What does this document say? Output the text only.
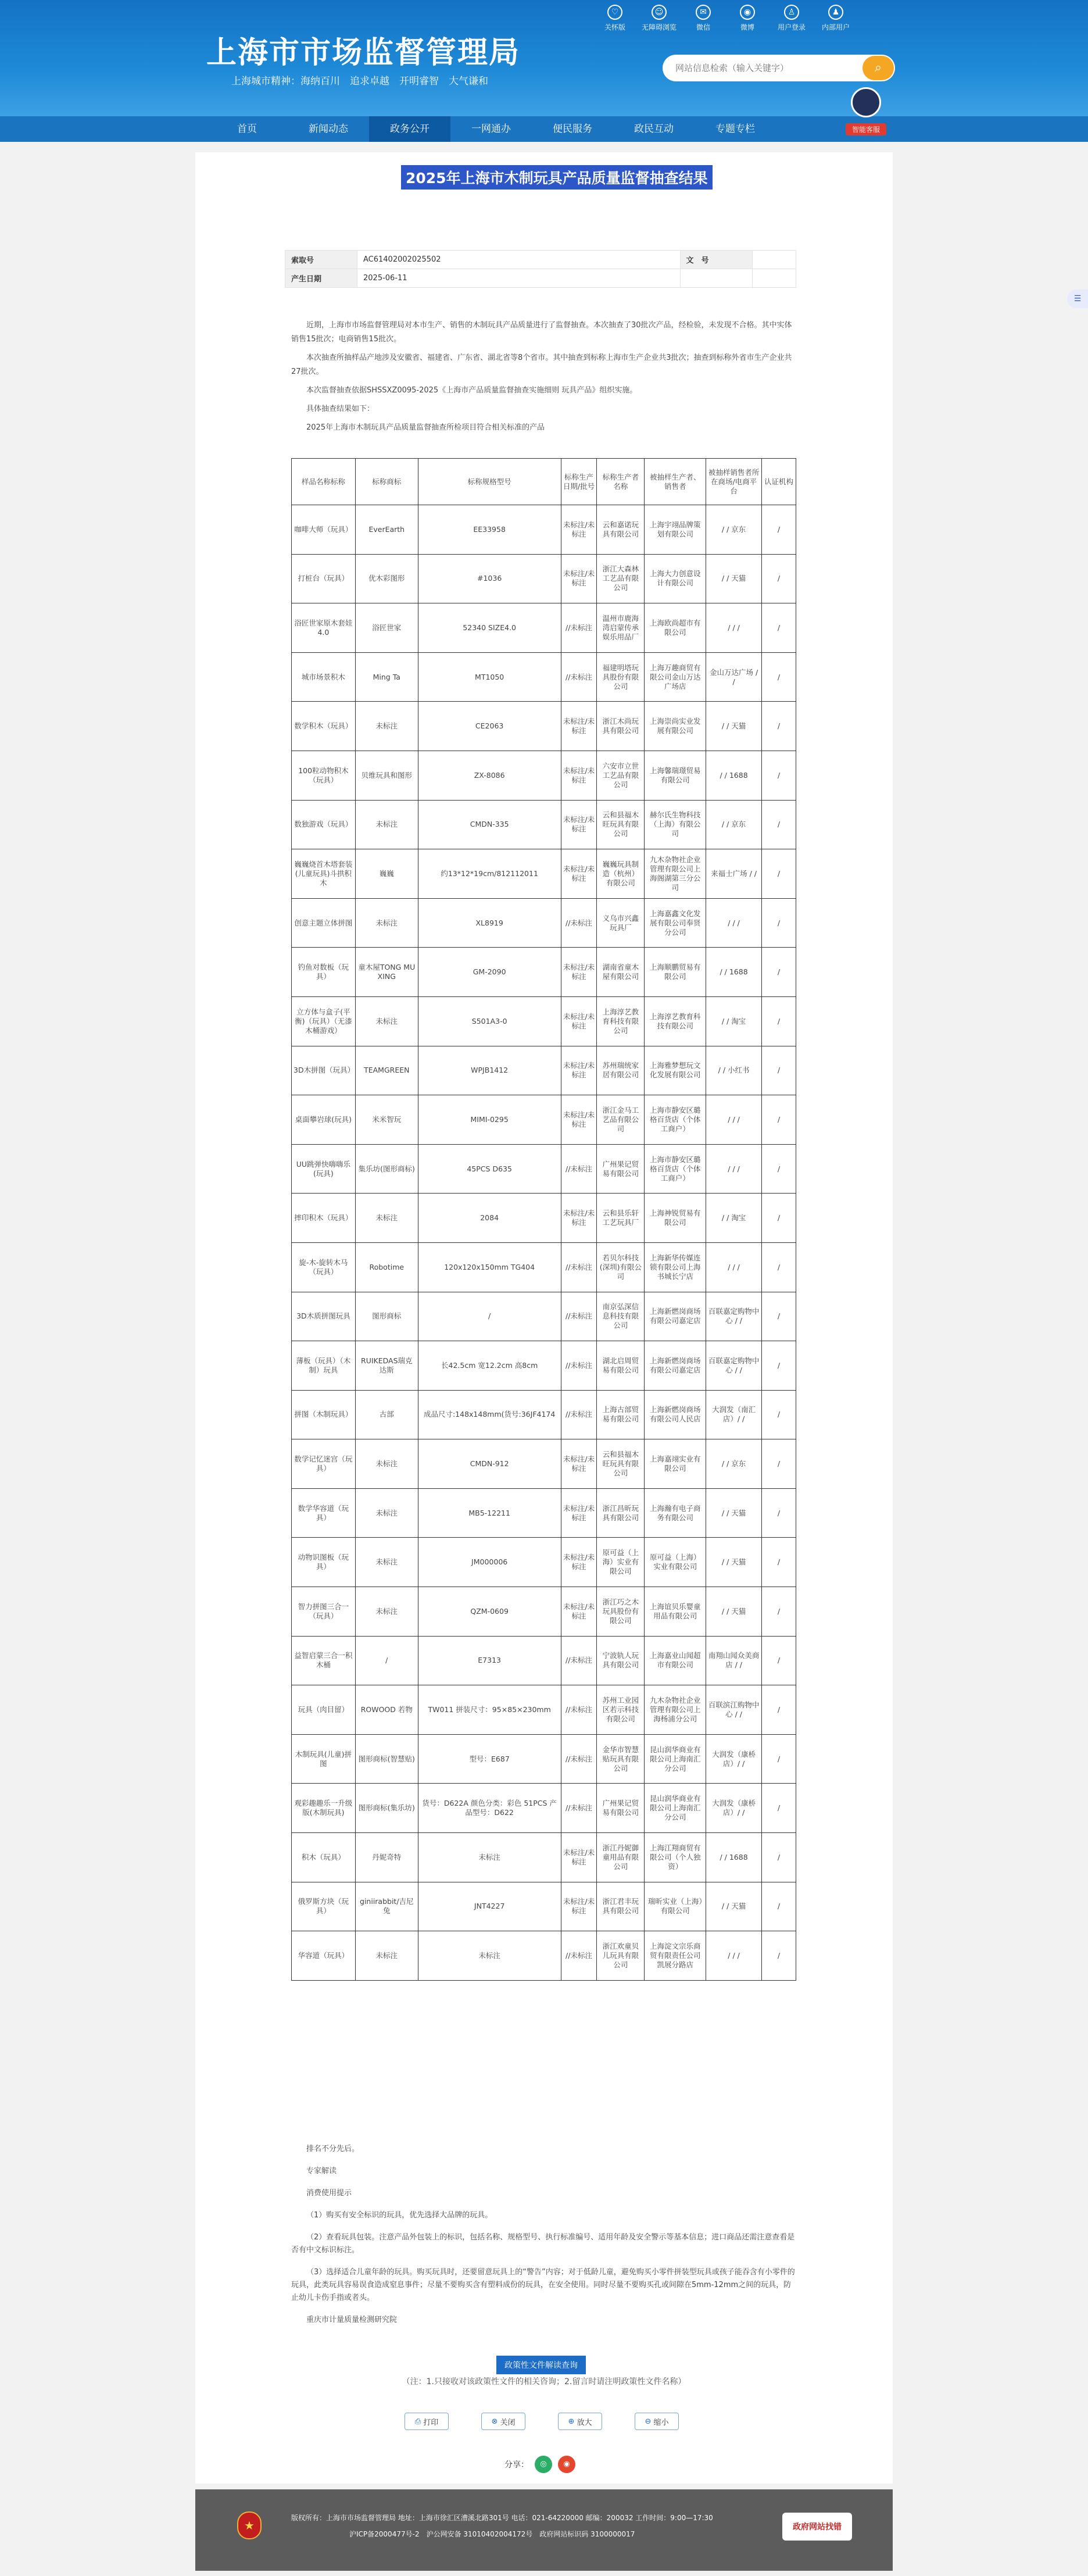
上海市市场监督管理局
上海城市精神：海纳百川　追求卓越　开明睿智　大气谦和
♡
关怀版
☺
无障碍浏览
✉
微信
◉
微博
♙
用户登录
♟
内部用户
网站信息检索（输入关键字）
⌕
智能客服
首页	新闻动态	政务公开	一网通办	便民服务	政民互动	专题专栏
☰
2025年上海市木制玩具产品质量监督抽查结果
索取号	AC61402002025502	文　号	
产生日期	2025-06-11		

近期，上海市市场监督管理局对本市生产、销售的木制玩具产品质量进行了监督抽查。本次抽查了30批次产品，经检验，未发现不合格。其中实体销售15批次；电商销售15批次。

本次抽查所抽样品产地涉及安徽省、福建省、广东省、湖北省等8个省市。其中抽查到标称上海市生产企业共3批次；抽查到标称外省市生产企业共27批次。

本次监督抽查依据SHSSXZ0095-2025《上海市产品质量监督抽查实施细则 玩具产品》组织实施。

具体抽查结果如下：

2025年上海市木制玩具产品质量监督抽查所检项目符合相关标准的产品

样品名称标称	标称商标	标称规格型号	标称生产日期/批号	标称生产者名称	被抽样生产者、销售者	被抽样销售者所在商场/电商平台	认证机构
咖啡大师（玩具）	EverEarth	EE33958	未标注/未标注	云和嘉诺玩具有限公司	上海宇翊品牌策划有限公司	/ / 京东	/
打桩台（玩具）	优木彩图形	#1036	未标注/未标注	浙江大森林工艺品有限公司	上海大力创意设计有限公司	/ / 天猫	/
浴匠世家原木套娃4.0	浴匠世家	52340 SIZE4.0	//未标注	温州市鹿海湾启蒙传承娱乐用品厂	上海欧尚超市有限公司	/ / /	/
城市场景积木	Ming Ta	MT1050	//未标注	福建明塔玩具股份有限公司	上海万趣商贸有限公司金山万达广场店	金山万达广场 / /	/
数学积木（玩具）	未标注	CE2063	未标注/未标注	浙江木尚玩具有限公司	上海崇尚实业发展有限公司	/ / 天猫	/
100粒动物积木（玩具）	贝维玩具和图形	ZX-8086	未标注/未标注	六安市立世工艺品有限公司	上海馨瑞璟贸易有限公司	/ / 1688	/
数独游戏（玩具）	未标注	CMDN-335	未标注/未标注	云和县福木旺玩具有限公司	赫尔氏生物科技（上海）有限公司	/ / 京东	/
巍巍烧首木塔套装(儿童玩具)斗拱积木	巍巍	约13*12*19cm/812112011	未标注/未标注	巍巍玩具制造（杭州）有限公司	九木杂物社企业管理有限公司上海阁湖第三分公司	来福士广场 / /	/
创意主题立体拼图	未标注	XL8919	//未标注	义乌市兴鑫玩具厂	上海嘉鑫文化发展有限公司奉贤分公司	/ / /	/
钓鱼对数板（玩具）	童木屋TONG MU XING	GM-2090	未标注/未标注	湖南省童木屋有限公司	上海顺鹏贸易有限公司	/ / 1688	/
立方体与盒子(平衡)（玩具）（无漆木桶游戏）	未标注	S501A3-0	未标注/未标注	上海淳艺教育科技有限公司	上海淳艺教育科技有限公司	/ / 淘宝	/
3D木拼图（玩具）	TEAMGREEN	WPJB1412	未标注/未标注	苏州瑞统家居有限公司	上海雅梦想玩文化发展有限公司	/ / 小红书	/
桌面攀岩球(玩具)	米米智玩	MIMI-0295	未标注/未标注	浙江金马工艺品有限公司	上海市静安区璐格百货店（个体工商户）	/ / /	/
UU跳弹快嗨嗨乐(玩具)	集乐坊(图形商标)	45PCS D635	//未标注	广州果记贸易有限公司	上海市静安区璐格百货店（个体工商户）	/ / /	/
摔印积木（玩具）	未标注	2084	未标注/未标注	云和县乐轩工艺玩具厂	上海神锐贸易有限公司	/ / 淘宝	/
旋-木-旋转木马（玩具）	Robotime	120x120x150mm TG404	//未标注	若贝尔科技(深圳)有限公司	上海新华传媒连锁有限公司上海书城长宁店	/ / /	/
3D木质拼图玩具	图形商标	/	//未标注	南京弘深信息科技有限公司	上海新燃岗商场有限公司嘉定店	百联嘉定购物中心 / /	/
薄板（玩具）（木制）玩具	RUIKEDAS瑞克达斯	长42.5cm 宽12.2cm 高8cm	//未标注	湖北启周贸易有限公司	上海新燃岗商场有限公司嘉定店	百联嘉定购物中心 / /	/
拼图（木制玩具）	古部	成品尺寸:148x148mm(货号:36JF4174	//未标注	上海古部贸易有限公司	上海新燃岗商场有限公司人民店	大润发（南汇店）/ /	/
数学记忆迷宫（玩具）	未标注	CMDN-912	未标注/未标注	云和县福木旺玩具有限公司	上海嘉翊实业有限公司	/ / 京东	/
数学华容道（玩具）	未标注	MB5-12211	未标注/未标注	浙江昌昕玩具有限公司	上海瀚有电子商务有限公司	/ / 天猫	/
动物识图板（玩具）	未标注	JM000006	未标注/未标注	原可益（上海）实业有限公司	原可益（上海）实业有限公司	/ / 天猫	/
智力拼图三合一（玩具）	未标注	QZM-0609	未标注/未标注	浙江巧之木玩具股份有限公司	上海谊贝乐婴童用品有限公司	/ / 天猫	/
益智启蒙三合一积木桶	/	E7313	//未标注	宁波轨人玩具有限公司	上海嘉业山闻超市有限公司	南翔山闻众美商店 / /	/
玩具（肉目留）	ROWOOD 若物	TW011 拼装尺寸：95×85×230mm	//未标注	苏州工业园区若示科技有限公司	九木杂物社企业管理有限公司上海杨浦分公司	百联滨江购物中心 / /	/
木制玩具(儿童)拼图	图形商标(智慧贴)	型号：E687	//未标注	金华市智慧贴玩具有限公司	昆山润华商业有限公司上海南汇分公司	大润发（康桥店）/ /	/
观彩趣趣乐一升级版(木制玩具)	图形商标(集乐坊)	货号：D622A 颜色分类：彩色 51PCS 产品型号：D622	//未标注	广州果记贸易有限公司	昆山润华商业有限公司上海南汇分公司	大润发（康桥店）/ /	/
积木（玩具）	丹妮奇特	未标注	未标注/未标注	浙江丹妮御童用品有限公司	上海江翔商贸有限公司（个人独资）	/ / 1688	/
俄罗斯方块（玩具）	giniirabbit/吉尼兔	JNT4227	未标注/未标注	浙江君丰玩具有限公司	瑞昕实业（上海）有限公司	/ / 天猫	/
华容道（玩具）	未标注	未标注	//未标注	浙江欢童贝儿玩具有限公司	上海淀文宗乐商贸有限责任公司凯展分路店	/ / /	/

排名不分先后。

专家解读

消费使用提示

（1）购买有安全标识的玩具，优先选择大品牌的玩具。

（2）查看玩具包装。注意产品外包装上的标识，包括名称、规格型号、执行标准编号、适用年龄及安全警示等基本信息；进口商品还需注意查看是否有中文标识标注。

（3）选择适合儿童年龄的玩具。购买玩具时，还要留意玩具上的“警告”内容；对于低龄儿童，避免购买小零件拼装型玩具或孩子能吞含有小零件的玩具，此类玩具容易误食造成窒息事件；尽量不要购买含有塑料成份的玩具，在安全使用。同时尽量不要购买孔或间隙在5mm-12mm之间的玩具，防止幼儿卡伤手指或者头。

重庆市计量质量检测研究院

政策性文件解读查询
（注：1.只接收对该政策性文件的相关咨询；2.留言时请注明政策性文件名称）
⎙ 打印	⊗ 关闭	⊕ 放大	⊖ 缩小
分享：	◎	◉
★
版权所有：上海市市场监督管理局 地址：上海市徐汇区漕溪北路301号 电话：021-64220000 邮编：200032 工作时间：9:00—17:30
沪ICP备2000477号-2　沪公网安备 31010402004172号　政府网站标识码 3100000017
政府网站找错
